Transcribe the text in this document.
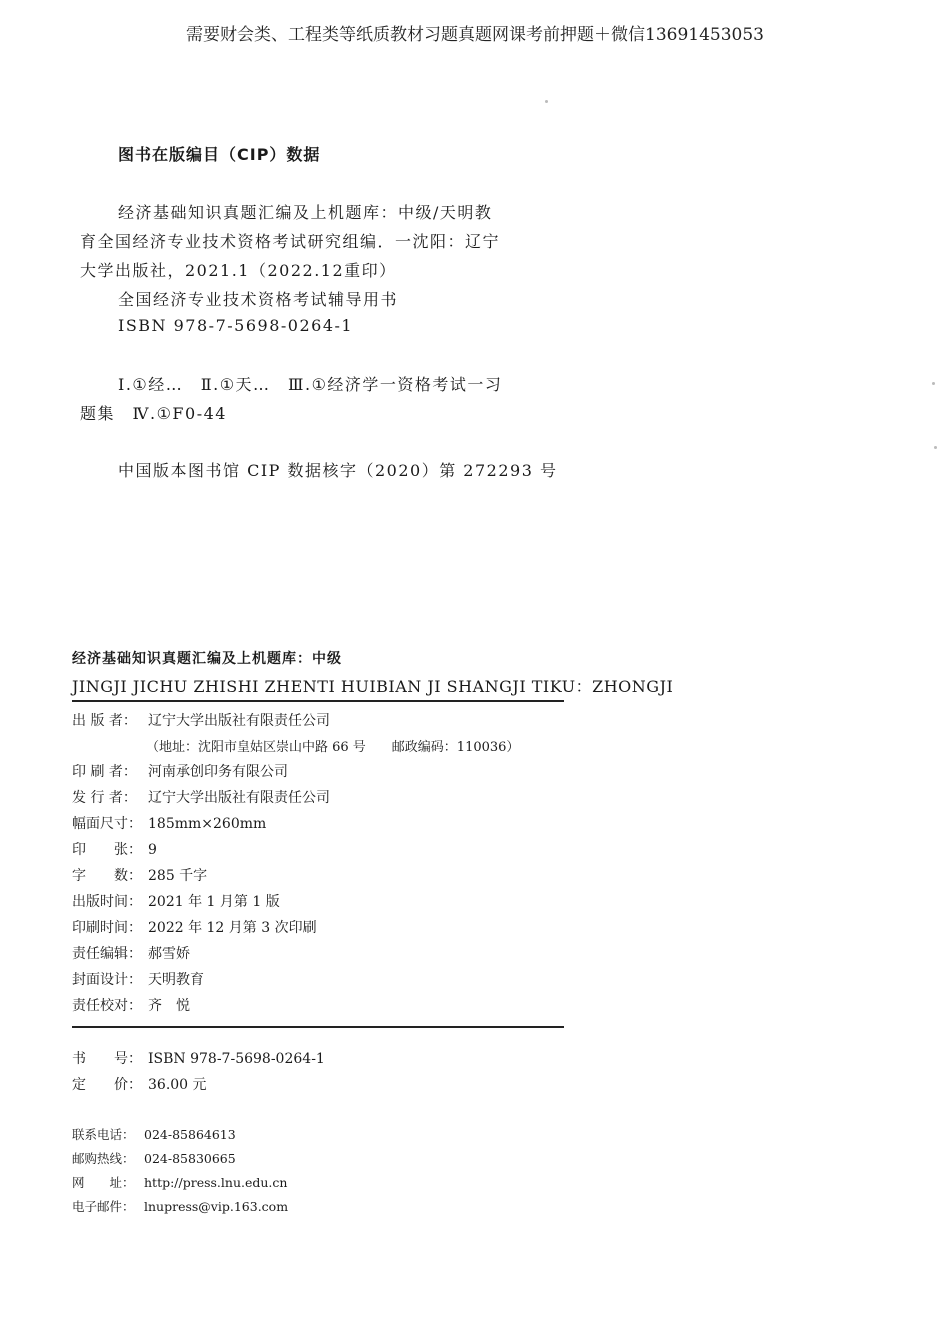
需要财会类、工程类等纸质教材习题真题网课考前押题＋微信13691453053
图书在版编目（CIP）数据
经济基础知识真题汇编及上机题库：中级/天明教
育全国经济专业技术资格考试研究组编．一沈阳：辽宁
大学出版社，2021.1（2022.12重印）
全国经济专业技术资格考试辅导用书
ISBN 978-7-5698-0264-1
Ⅰ.①经…　Ⅱ.①天…　Ⅲ.①经济学一资格考试一习
题集　Ⅳ.①F0-44
中国版本图书馆 CIP 数据核字（2020）第 272293 号
经济基础知识真题汇编及上机题库：中级
JINGJI JICHU ZHISHI ZHENTI HUIBIAN JI SHANGJI TIKU：ZHONGJI
出 版 者： 辽宁大学出版社有限责任公司
（地址：沈阳市皇姑区崇山中路 66 号　　邮政编码：110036）
印 刷 者： 河南承创印务有限公司
发 行 者： 辽宁大学出版社有限责任公司
幅面尺寸： 185mm×260mm
印　　张： 9
字　　数： 285 千字
出版时间： 2021 年 1 月第 1 版
印刷时间： 2022 年 12 月第 3 次印刷
责任编辑： 郝雪娇
封面设计： 天明教育
责任校对： 齐　悦
书　　号： ISBN 978-7-5698-0264-1
定　　价： 36.00 元
联系电话： 024-85864613
邮购热线： 024-85830665
网　　址： http://press.lnu.edu.cn
电子邮件： lnupress@vip.163.com
